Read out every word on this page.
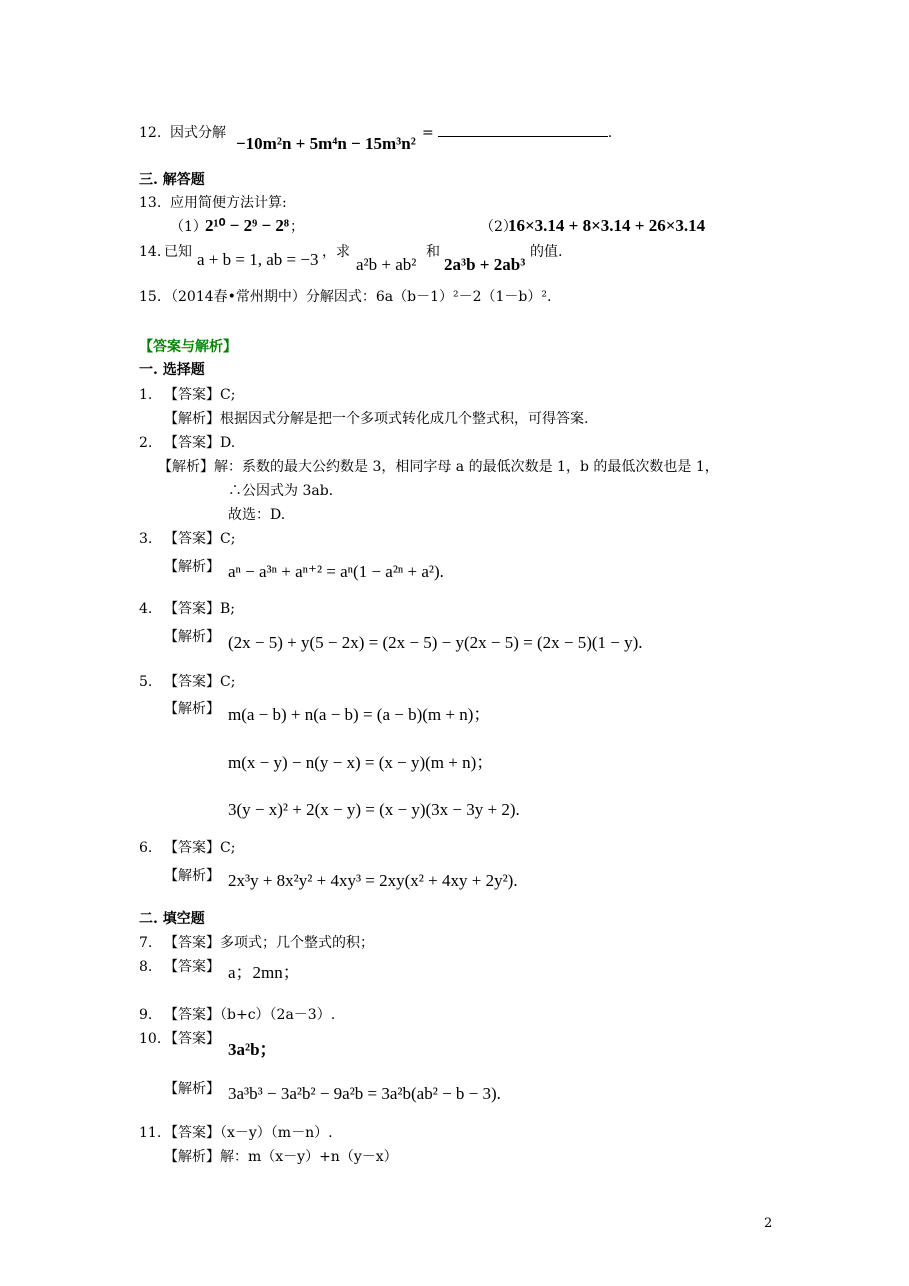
12. 因式分解
−10m²n + 5m⁴n − 15m³n²
=	.
三. 解答题
13. 应用简便方法计算:
（1）
2¹⁰ − 2⁹ − 2⁸ ；	（2）
16×3.14 + 8×3.14 + 26×3.14
14. 已知 a + b = 1, ab = −3 ，求
a²b + ab²
和
2a³b + 2ab³
的值.
15. （2014春•常州期中）分解因式：6a（b－1）²－2（1－b）².
【答案与解析】
一. 选择题
1. 【答案】C;
【解析】根据因式分解是把一个多项式转化成几个整式积，可得答案.
2. 【答案】D.
【解析】解：系数的最大公约数是 3，相同字母 a 的最低次数是 1，b 的最低次数也是 1，
∴公因式为 3ab.
故选：D.
3. 【答案】C;
【解析】 aⁿ − a³ⁿ + aⁿ⁺² = aⁿ(1 − a²ⁿ + a²).
4. 【答案】B;
【解析】 (2x − 5) + y(5 − 2x) = (2x − 5) − y(2x − 5) = (2x − 5)(1 − y).
5. 【答案】C;
【解析】 m(a − b) + n(a − b) = (a − b)(m + n)；
m(x − y) − n(y − x) = (x − y)(m + n)；
3(y − x)² + 2(x − y) = (x − y)(3x − 3y + 2).
6. 【答案】C;
【解析】 2x³y + 8x²y² + 4xy³ = 2xy(x² + 4xy + 2y²).
二. 填空题
7. 【答案】多项式；几个整式的积；
8. 【答案】 a；2mn；
9. 【答案】（b+c）（2a－3）.
10. 【答案】
3a²b；
【解析】 3a³b³ − 3a²b² − 9a²b = 3a²b(ab² − b − 3).
11. 【答案】（x－y）（m－n）.
【解析】解：m（x－y）+n（y－x）
2
